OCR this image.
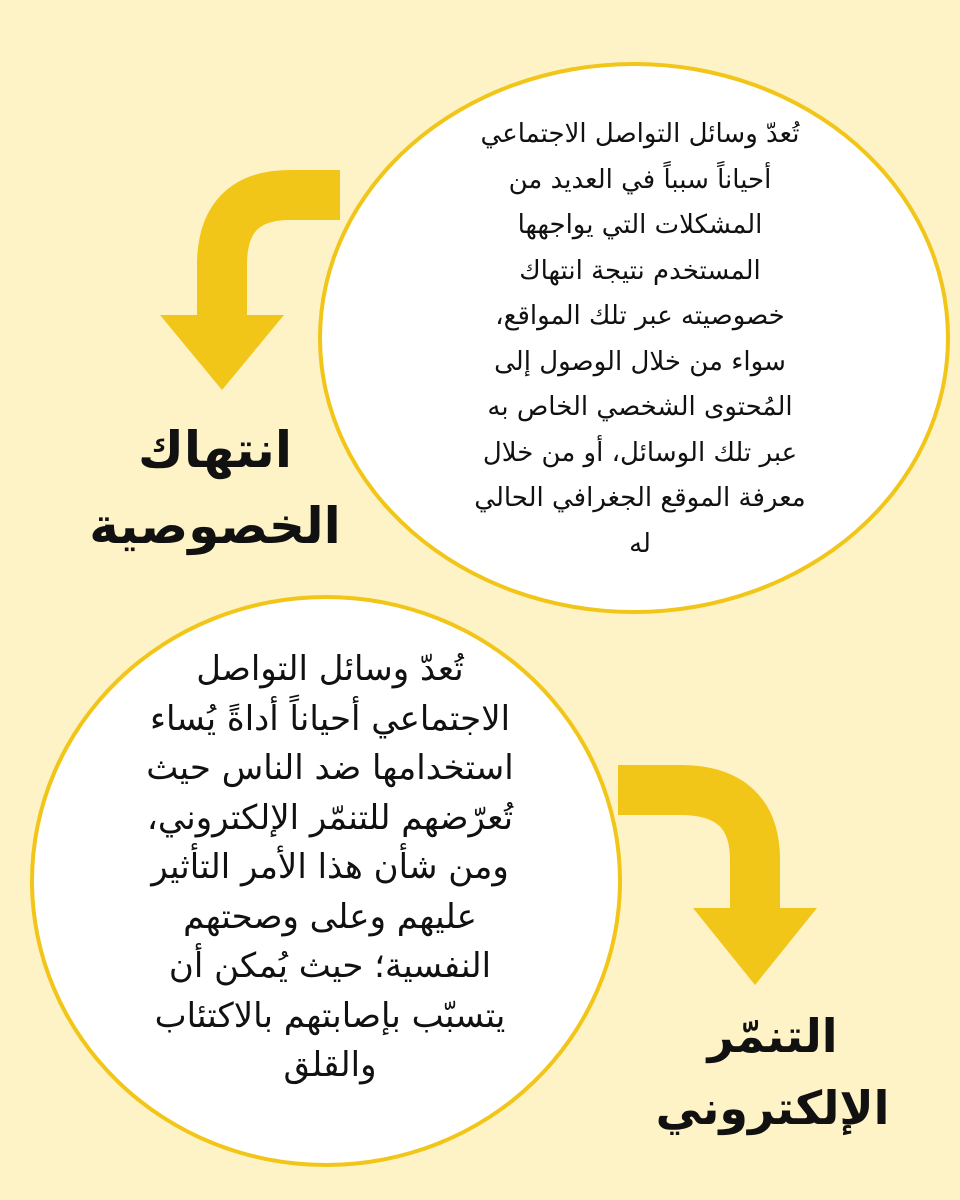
تُعدّ وسائل التواصل الاجتماعي
أحياناً سبباً في العديد من
المشكلات التي يواجهها
المستخدم نتيجة انتهاك
خصوصيته عبر تلك المواقع،
سواء من خلال الوصول إلى
المُحتوى الشخصي الخاص به
عبر تلك الوسائل، أو من خلال
معرفة الموقع الجغرافي الحالي
له
انتهاك
الخصوصية
تُعدّ وسائل التواصل
الاجتماعي أحياناً أداةً يُساء
استخدامها ضد الناس حيث
تُعرّضهم للتنمّر الإلكتروني،
ومن شأن هذا الأمر التأثير
عليهم وعلى وصحتهم
النفسية؛ حيث يُمكن أن
يتسبّب بإصابتهم بالاكتئاب
والقلق
التنمّر
الإلكتروني
